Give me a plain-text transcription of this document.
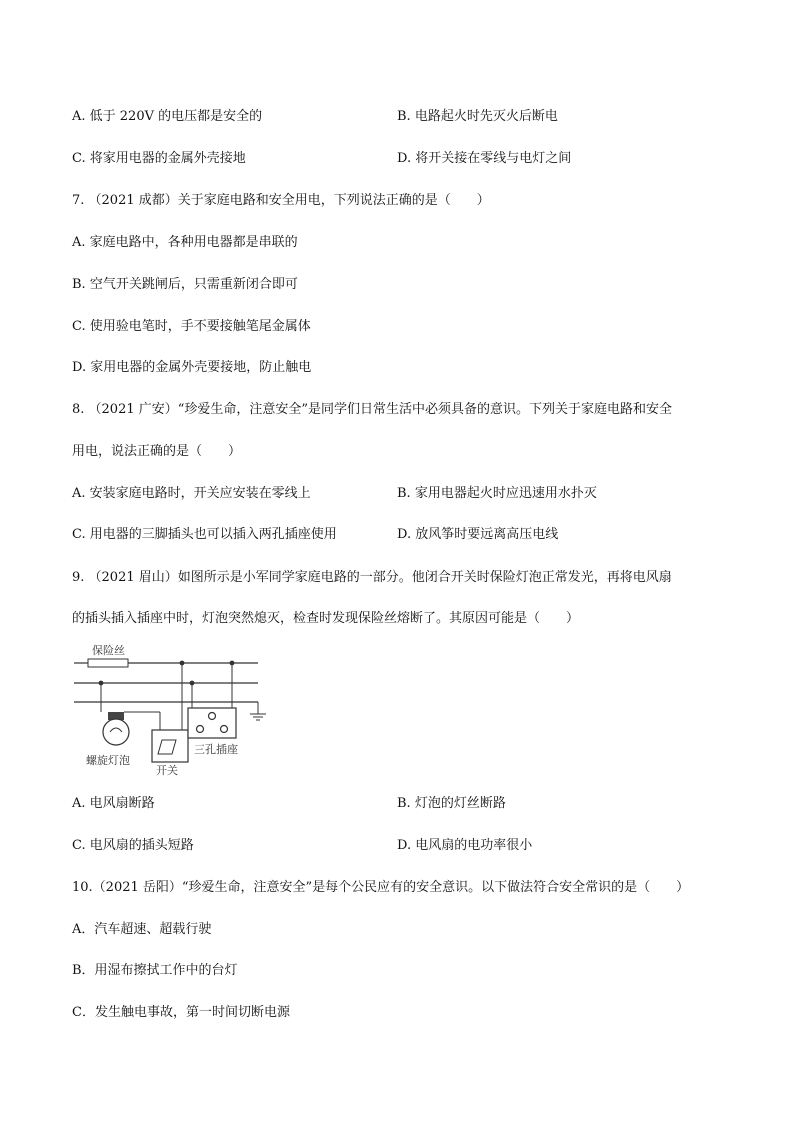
A. 低于 220V 的电压都是安全的	B. 电路起火时先灭火后断电
C. 将家用电器的金属外壳接地	D. 将开关接在零线与电灯之间
7. （2021 成都）关于家庭电路和安全用电，下列说法正确的是（　　）
A. 家庭电路中，各种用电器都是串联的
B. 空气开关跳闸后，只需重新闭合即可
C. 使用验电笔时，手不要接触笔尾金属体
D. 家用电器的金属外壳要接地，防止触电
8. （2021 广安）“珍爱生命，注意安全”是同学们日常生活中必须具备的意识。下列关于家庭电路和安全
用电，说法正确的是（　　）
A. 安装家庭电路时，开关应安装在零线上	B. 家用电器起火时应迅速用水扑灭
C. 用电器的三脚插头也可以插入两孔插座使用	D. 放风筝时要远离高压电线
9. （2021 眉山）如图所示是小军同学家庭电路的一部分。他闭合开关时保险灯泡正常发光，再将电风扇
的插头插入插座中时，灯泡突然熄灭，检查时发现保险丝熔断了。其原因可能是（　　）
保险丝
螺旋灯泡
开关
三孔插座
A. 电风扇断路	B. 灯泡的灯丝断路
C. 电风扇的插头短路	D. 电风扇的电功率很小
10.（2021 岳阳）“珍爱生命，注意安全”是每个公民应有的安全意识。以下做法符合安全常识的是（　　）
A．汽车超速、超载行驶
B．用湿布擦拭工作中的台灯
C．发生触电事故，第一时间切断电源
